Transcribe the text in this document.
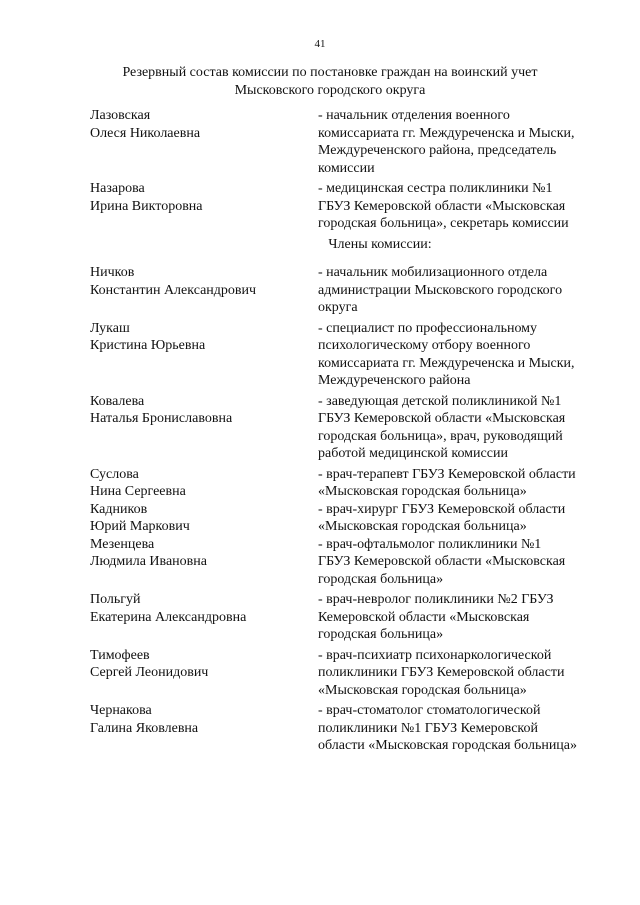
41
Резервный состав комиссии по постановке граждан на воинский учет
Мысковского городского округа
Лазовская
Олеся Николаевна
- начальник отделения военного
комиссариата гг. Междуреченска и Мыски,
Междуреченского района, председатель
комиссии
Назарова
Ирина Викторовна
- медицинская сестра поликлиники №1
ГБУЗ Кемеровской области «Мысковская
городская больница», секретарь комиссии
Члены комиссии:
Ничков
Константин Александрович
- начальник мобилизационного отдела
администрации Мысковского городского
округа
Лукаш
Кристина Юрьевна
- специалист по профессиональному
психологическому отбору военного
комиссариата гг. Междуреченска и Мыски,
Междуреченского района
Ковалева
Наталья Брониславовна
- заведующая детской поликлиникой №1
ГБУЗ Кемеровской области «Мысковская
городская больница», врач, руководящий
работой медицинской комиссии
Суслова
Нина Сергеевна
- врач-терапевт ГБУЗ Кемеровской области
«Мысковская городская больница»
Кадников
Юрий Маркович
- врач-хирург ГБУЗ Кемеровской области
«Мысковская городская больница»
Мезенцева
Людмила Ивановна
- врач-офтальмолог поликлиники №1
ГБУЗ Кемеровской области «Мысковская
городская больница»
Польгуй
Екатерина Александровна
- врач-невролог поликлиники №2 ГБУЗ
Кемеровской области «Мысковская
городская больница»
Тимофеев
Сергей Леонидович
- врач-психиатр психонаркологической
поликлиники ГБУЗ Кемеровской области
«Мысковская городская больница»
Чернакова
Галина Яковлевна
- врач-стоматолог стоматологической
поликлиники №1 ГБУЗ Кемеровской
области «Мысковская городская больница»
